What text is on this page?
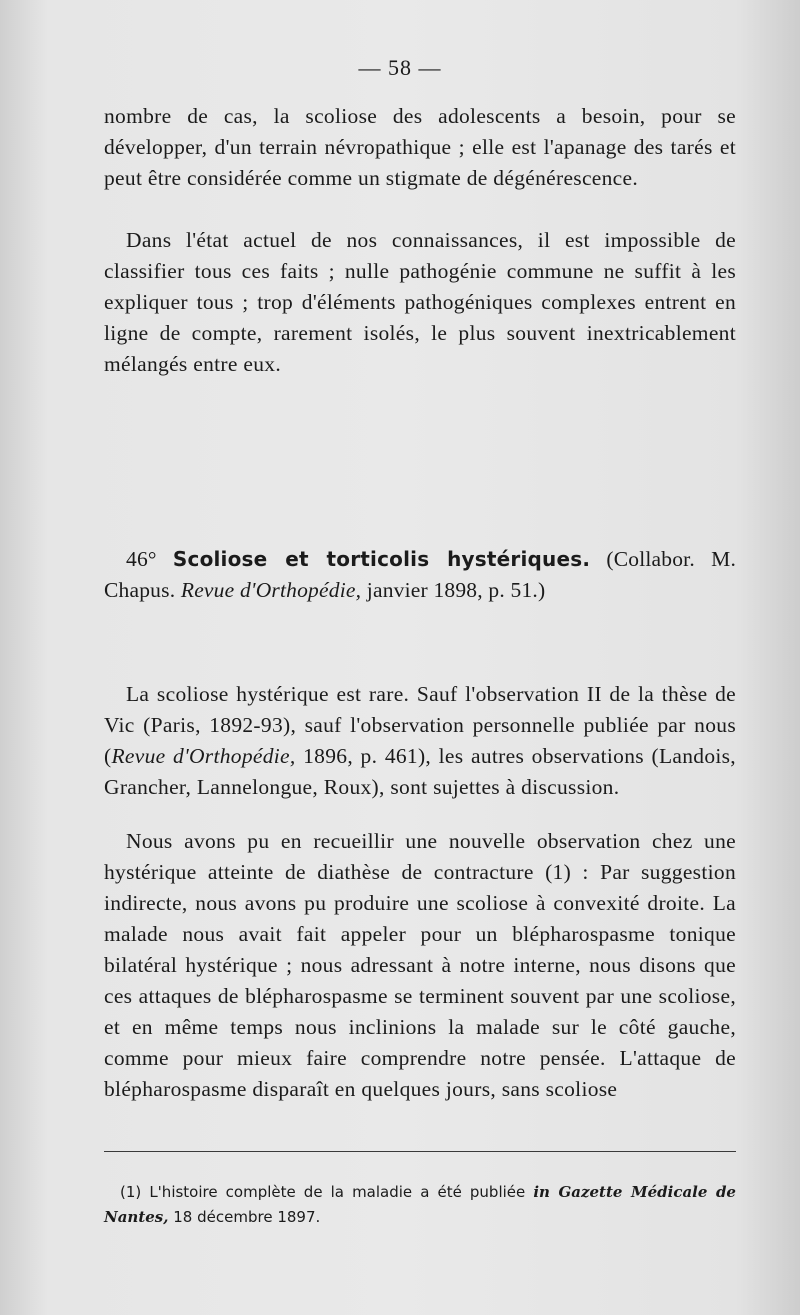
— 58 —

nombre de cas, la scoliose des adolescents a besoin, pour se développer, d'un terrain névropathique ; elle est l'apanage des tarés et peut être considérée comme un stigmate de dégénérescence.

Dans l'état actuel de nos connaissances, il est impossible de classifier tous ces faits ; nulle pathogénie commune ne suffit à les expliquer tous ; trop d'éléments pathogéniques complexes entrent en ligne de compte, rarement isolés, le plus souvent inextricablement mélangés entre eux.

46° Scoliose et torticolis hystériques. (Collabor. M. Chapus. Revue d'Orthopédie, janvier 1898, p. 51.)

La scoliose hystérique est rare. Sauf l'observation II de la thèse de Vic (Paris, 1892-93), sauf l'observation personnelle publiée par nous (Revue d'Orthopédie, 1896, p. 461), les autres observations (Landois, Grancher, Lannelongue, Roux), sont sujettes à discussion.

Nous avons pu en recueillir une nouvelle observation chez une hystérique atteinte de diathèse de contracture (1) : Par suggestion indirecte, nous avons pu produire une scoliose à convexité droite. La malade nous avait fait appeler pour un blépharospasme tonique bilatéral hystérique ; nous adressant à notre interne, nous disons que ces attaques de blépharospasme se terminent souvent par une scoliose, et en même temps nous inclinions la malade sur le côté gauche, comme pour mieux faire comprendre notre pensée. L'attaque de blépharospasme disparaît en quelques jours, sans scoliose

(1) L'histoire complète de la maladie a été publiée in Gazette Médicale de Nantes, 18 décembre 1897.
